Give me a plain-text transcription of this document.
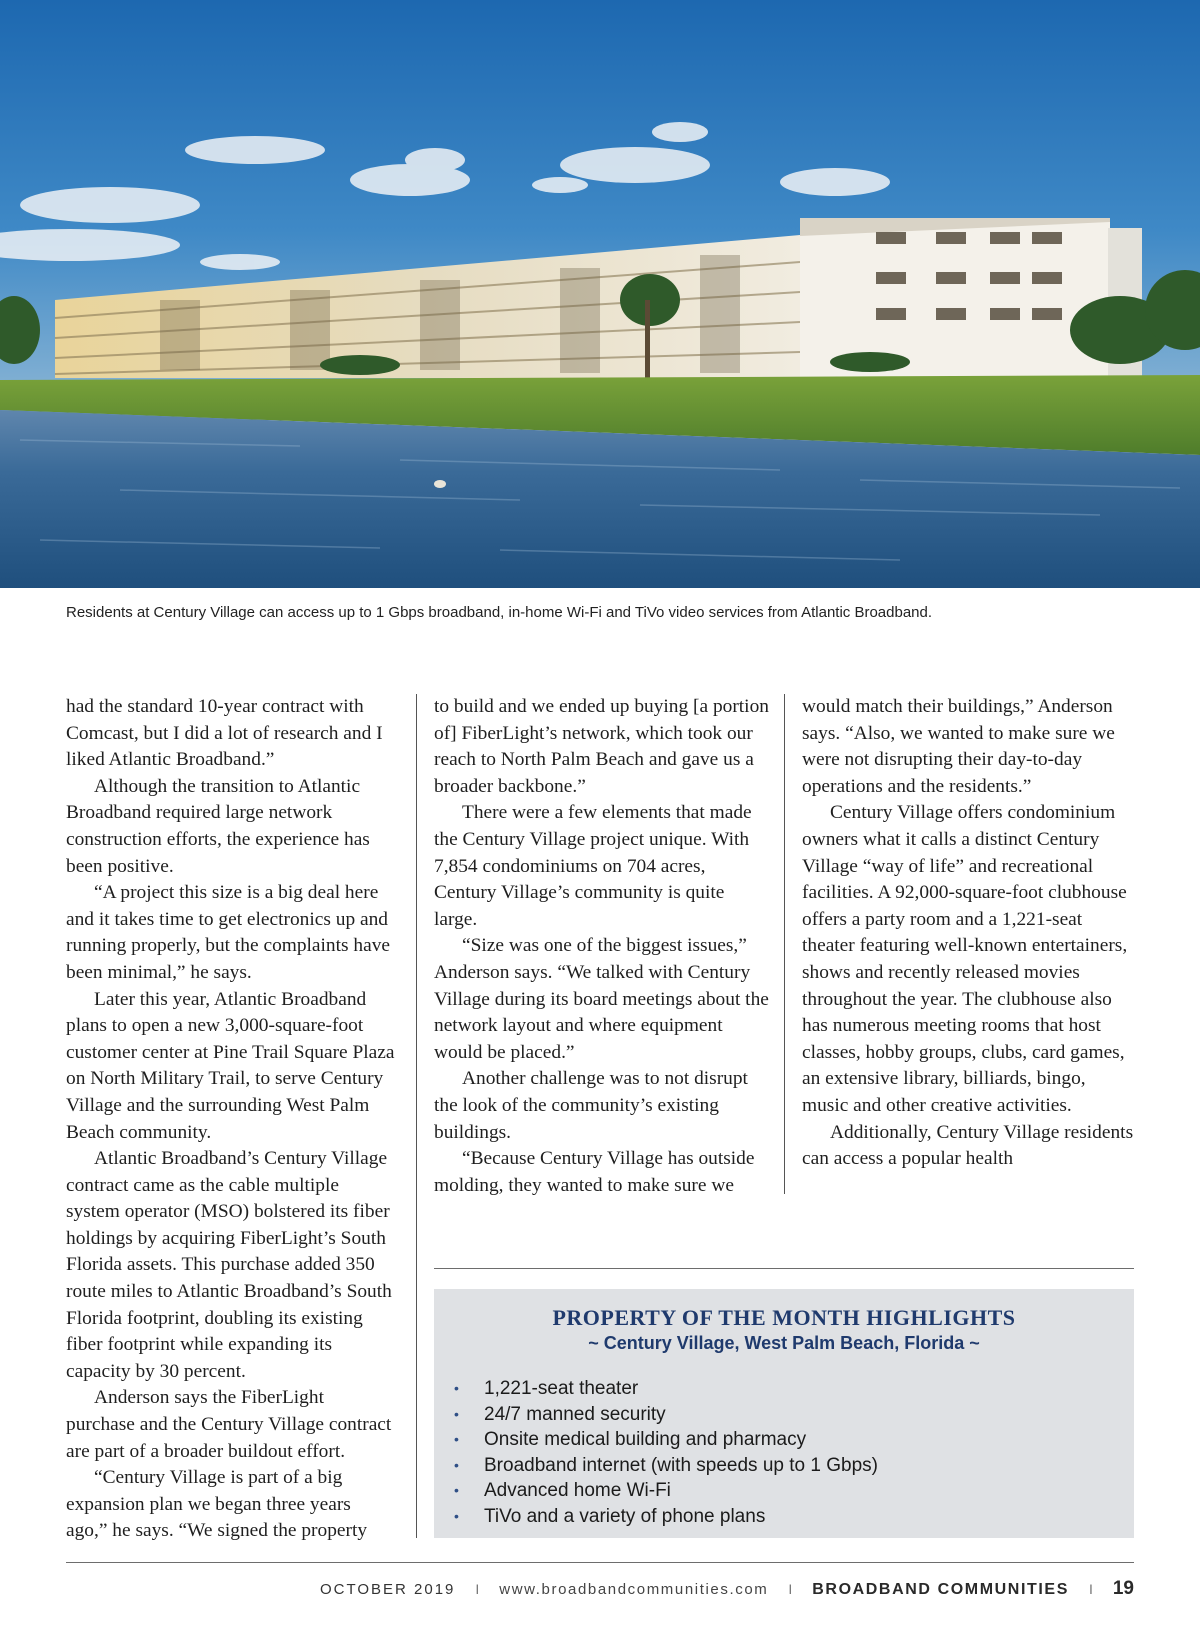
Residents at Century Village can access up to 1 Gbps broadband, in-home Wi-Fi and TiVo video services from Atlantic Broadband.

had the standard 10-year contract with Comcast, but I did a lot of research and I liked Atlantic Broadband.”

Although the transition to Atlantic Broadband required large network construction efforts, the experience has been positive.

“A project this size is a big deal here and it takes time to get electronics up and running properly, but the complaints have been minimal,” he says.

Later this year, Atlantic Broadband plans to open a new 3,000-square-foot customer center at Pine Trail Square Plaza on North Military Trail, to serve Century Village and the surrounding West Palm Beach community.

Atlantic Broadband’s Century Village contract came as the cable multiple system operator (MSO) bolstered its fiber holdings by acquiring FiberLight’s South Florida assets. This purchase added 350 route miles to Atlantic Broadband’s South Florida footprint, doubling its existing fiber footprint while expanding its capacity by 30 percent.

Anderson says the FiberLight purchase and the Century Village contract are part of a broader buildout effort.

“Century Village is part of a big expansion plan we began three years ago,” he says. “We signed the property

to build and we ended up buying [a portion of] FiberLight’s network, which took our reach to North Palm Beach and gave us a broader backbone.”

There were a few elements that made the Century Village project unique. With 7,854 condominiums on 704 acres, Century Village’s community is quite large.

“Size was one of the biggest issues,” Anderson says. “We talked with Century Village during its board meetings about the network layout and where equipment would be placed.”

Another challenge was to not disrupt the look of the community’s existing buildings.

“Because Century Village has outside molding, they wanted to make sure we

would match their buildings,” Anderson says. “Also, we wanted to make sure we were not disrupting their day-to-day operations and the residents.”

Century Village offers condominium owners what it calls a distinct Century Village “way of life” and recreational facilities. A 92,000-square-foot clubhouse offers a party room and a 1,221-seat theater featuring well-known entertainers, shows and recently released movies throughout the year. The clubhouse also has numerous meeting rooms that host classes, hobby groups, clubs, card games, an extensive library, billiards, bingo, music and other creative activities.

Additionally, Century Village residents can access a popular health

PROPERTY OF THE MONTH HIGHLIGHTS
~ Century Village, West Palm Beach, Florida ~
• 1,221-seat theater
• 24/7 manned security
• Onsite medical building and pharmacy
• Broadband internet (with speeds up to 1 Gbps)
• Advanced home Wi-Fi
• TiVo and a variety of phone plans
OCTOBER 2019 I www.broadbandcommunities.com I BROADBAND COMMUNITIES I 19
